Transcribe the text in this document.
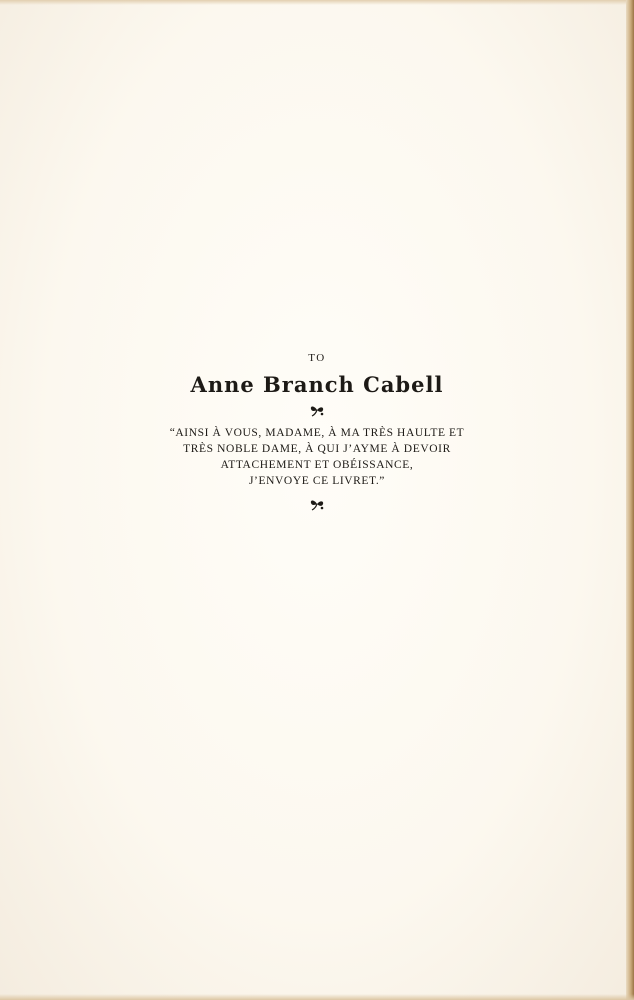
TO
Anne Branch Cabell
“AINSI À VOUS, MADAME, À MA TRÈS HAULTE ET
TRÈS NOBLE DAME, À QUI J’AYME À DEVOIR
ATTACHEMENT ET OBÉISSANCE,
J’ENVOYE CE LIVRET.”
